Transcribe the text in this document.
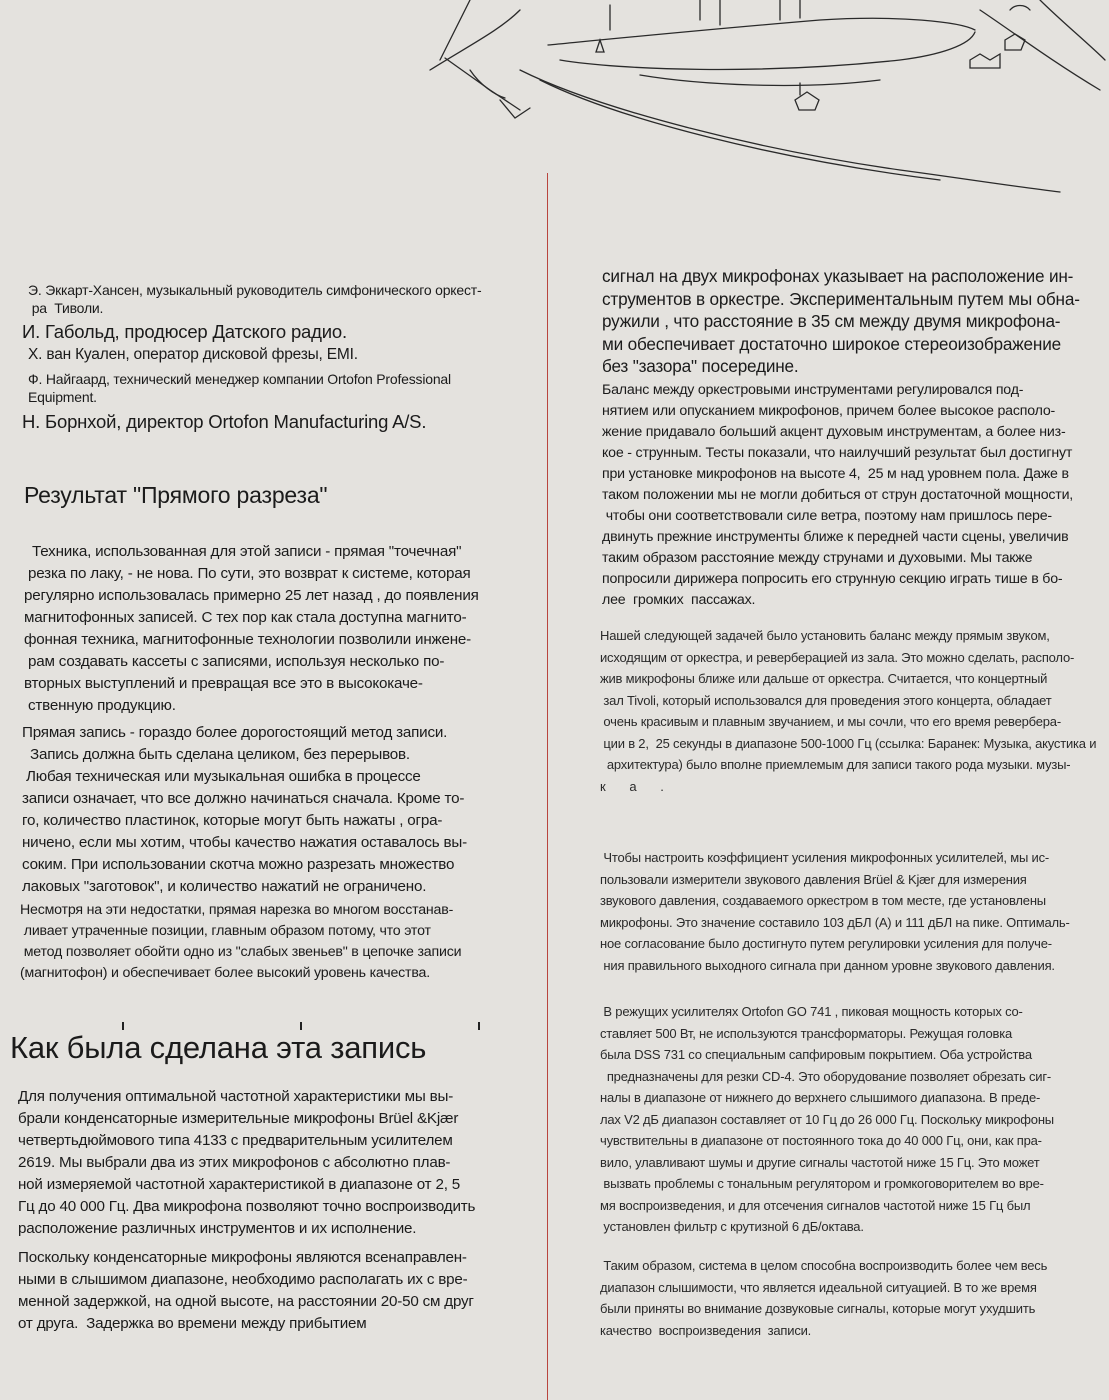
Э. Эккарт-Хансен, музыкальный руководитель симфонического оркест-
ра  Тиволи.

И. Габольд, продюсер Датского радио.

Х. ван Куален, оператор дисковой фрезы, EMI.

Ф. Найгаард, технический менеджер компании Ortofon Professional
Equipment.

Н. Борнхой, директор Ortofon Manufacturing A/S.

Результат "Прямого разреза"

Техника, использованная для этой записи - прямая "точечная"
резка по лаку, - не нова. По сути, это возврат к системе, которая
регулярно использовалась примерно 25 лет назад , до появления
магнитофонных записей. С тех пор как стала доступна магнито-
фонная техника, магнитофонные технологии позволили инжене-
рам создавать кассеты с записями, используя несколько по-
вторных выступлений и превращая все это в высококаче-
ственную продукцию.

Прямая запись - гораздо более дорогостоящий метод записи.
Запись должна быть сделана целиком, без перерывов.
Любая техническая или музыкальная ошибка в процессе
записи означает, что все должно начинаться сначала. Кроме то-
го, количество пластинок, которые могут быть нажаты , огра-
ничено, если мы хотим, чтобы качество нажатия оставалось вы-
соким. При использовании скотча можно разрезать множество
лаковых "заготовок", и количество нажатий не ограничено.

Несмотря на эти недостатки, прямая нарезка во многом восстанав-
ливает утраченные позиции, главным образом потому, что этот
метод позволяет обойти одно из "слабых звеньев" в цепочке записи
(магнитофон) и обеспечивает более высокий уровень качества.

Как была сделана эта запись

Для получения оптимальной частотной характеристики мы вы-
брали конденсаторные измерительные микрофоны Brüel &Kjær
четвертьдюймового типа 4133 с предварительным усилителем
2619. Мы выбрали два из этих микрофонов с абсолютно плав-
ной измеряемой частотной характеристикой в диапазоне от 2, 5
Гц до 40 000 Гц. Два микрофона позволяют точно воспроизводить
расположение различных инструментов и их исполнение.

Поскольку конденсаторные микрофоны являются всенаправлен-
ными в слышимом диапазоне, необходимо располагать их с вре-
менной задержкой, на одной высоте, на расстоянии 20-50 см друг
от друга.  Задержка во времени между прибытием

сигнал на двух микрофонах указывает на расположение ин-
струментов в оркестре. Экспериментальным путем мы обна-
ружили , что расстояние в 35 см между двумя микрофона-
ми обеспечивает достаточно широкое стереоизображение
без "зазора" посередине.

Баланс между оркестровыми инструментами регулировался под-
нятием или опусканием микрофонов, причем более высокое располо-
жение придавало больший акцент духовым инструментам, а более низ-
кое - струнным. Тесты показали, что наилучший результат был достигнут
при установке микрофонов на высоте 4,  25 м над уровнем пола. Даже в
таком положении мы не могли добиться от струн достаточной мощности,
чтобы они соответствовали силе ветра, поэтому нам пришлось пере-
двинуть прежние инструменты ближе к передней части сцены, увеличив
таким образом расстояние между струнами и духовыми. Мы также
попросили дирижера попросить его струнную секцию играть тише в бо-
лее  громких  пассажах.

Нашей следующей задачей было установить баланс между прямым звуком,
исходящим от оркестра, и реверберацией из зала. Это можно сделать, располо-
жив микрофоны ближе или дальше от оркестра. Считается, что концертный
зал Tivoli, который использовался для проведения этого концерта, обладает
очень красивым и плавным звучанием, и мы сочли, что его время ревербера-
ции в 2,  25 секунды в диапазоне 500-1000 Гц (ссылка: Баранек: Музыка, акустика и
архитектура) было вполне приемлемым для записи такого рода музыки. музы-
к       а       .

Чтобы настроить коэффициент усиления микрофонных усилителей, мы ис-
пользовали измерители звукового давления Brüel & Kjær для измерения
звукового давления, создаваемого оркестром в том месте, где установлены
микрофоны. Это значение составило 103 дБЛ (A) и 111 дБЛ на пике. Оптималь-
ное согласование было достигнуто путем регулировки усиления для получе-
ния правильного выходного сигнала при данном уровне звукового давления.

В режущих усилителях Ortofon GO 741 , пиковая мощность которых со-
ставляет 500 Вт, не используются трансформаторы. Режущая головка
была DSS 731 со специальным сапфировым покрытием. Оба устройства
предназначены для резки CD-4. Это оборудование позволяет обрезать сиг-
налы в диапазоне от нижнего до верхнего слышимого диапазона. В преде-
лах V2 дБ диапазон составляет от 10 Гц до 26 000 Гц. Поскольку микрофоны
чувствительны в диапазоне от постоянного тока до 40 000 Гц, они, как пра-
вило, улавливают шумы и другие сигналы частотой ниже 15 Гц. Это может
вызвать проблемы с тональным регулятором и громкоговорителем во вре-
мя воспроизведения, и для отсечения сигналов частотой ниже 15 Гц был
установлен фильтр с крутизной 6 дБ/октава.

Таким образом, система в целом способна воспроизводить более чем весь
диапазон слышимости, что является идеальной ситуацией. В то же время
были приняты во внимание дозвуковые сигналы, которые могут ухудшить
качество  воспроизведения  записи.
